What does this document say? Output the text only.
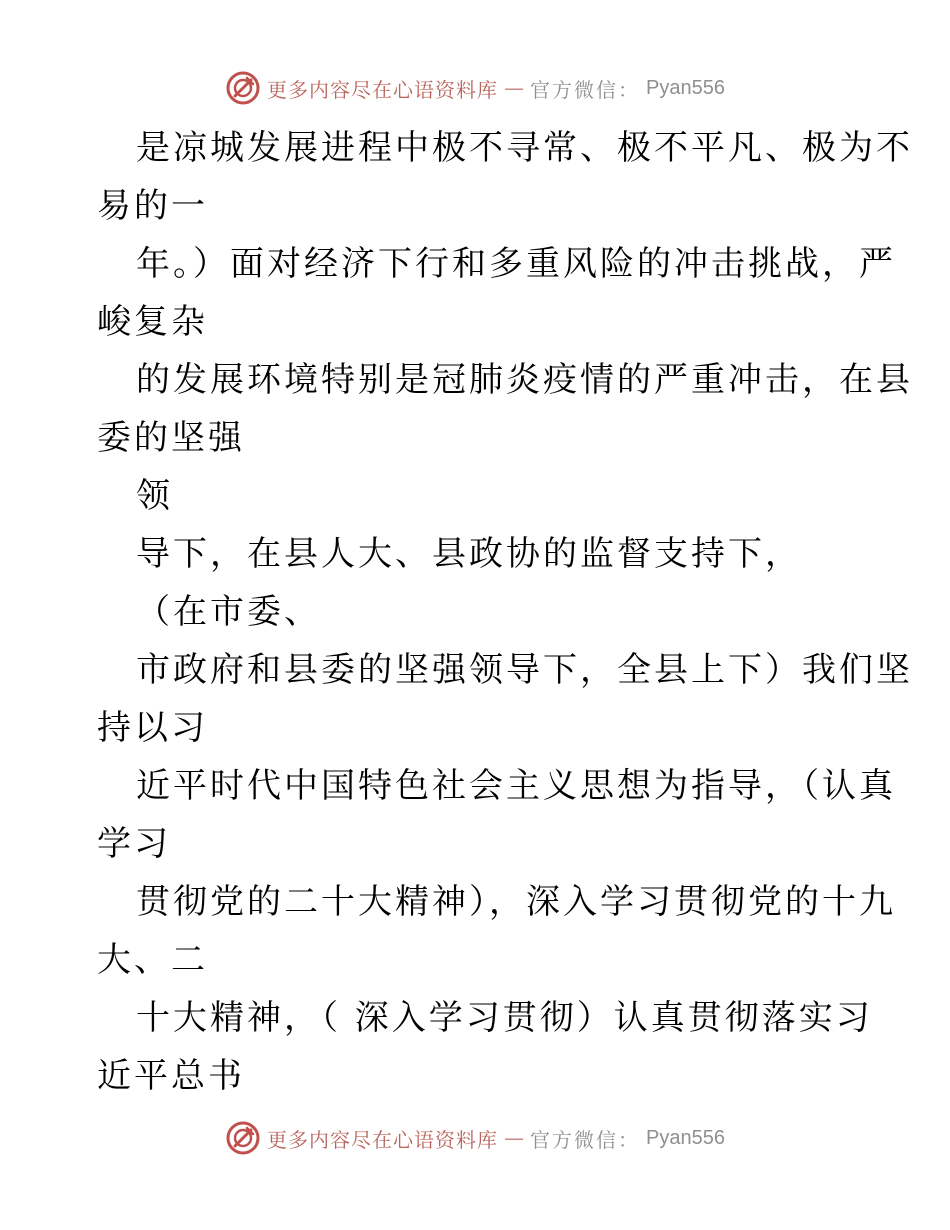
更多内容尽在心语资料库 — 官方微信： Pyan556
是凉城发展进程中极不寻常、极不平凡、极为不
易的一
年。）面对经济下行和多重风险的冲击挑战，严
峻复杂
的发展环境特别是冠肺炎疫情的严重冲击，在县
委的坚强
领
导下，在县人大、县政协的监督支持下，
（在市委、
市政府和县委的坚强领导下，全县上下）我们坚
持以习
近平时代中国特色社会主义思想为指导，（认真
学习
贯彻党的二十大精神），深入学习贯彻党的十九
大、二
十大精神，（ 深入学习贯彻）认真贯彻落实习
近平总书
更多内容尽在心语资料库 — 官方微信： Pyan556
